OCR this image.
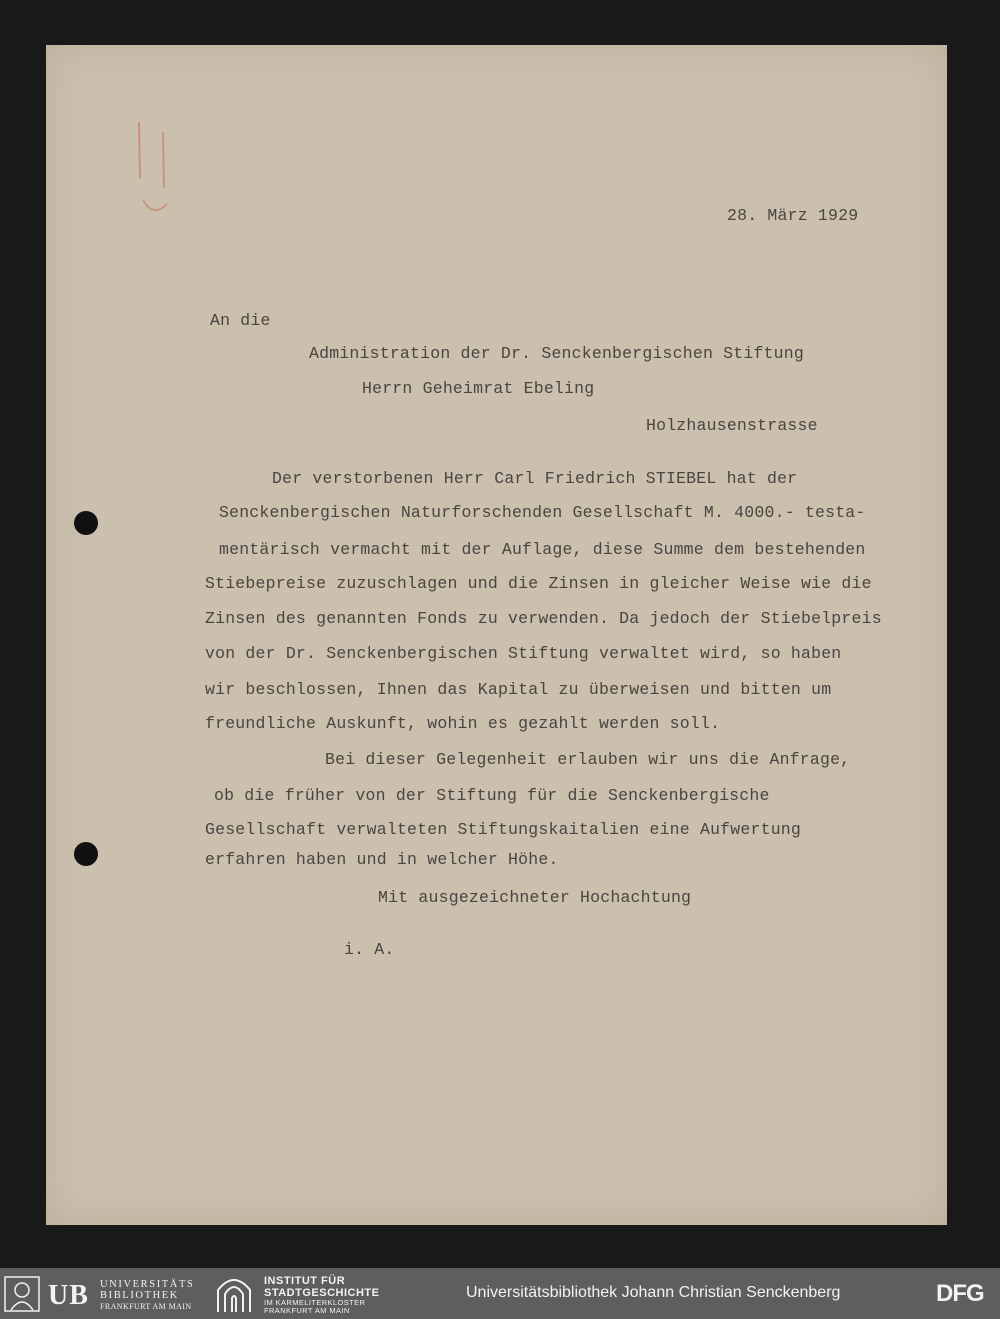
28. März 1929
An die
Administration der Dr. Senckenbergischen Stiftung
Herrn Geheimrat Ebeling
Holzhausenstrasse
Der verstorbenen Herr Carl Friedrich STIEBEL hat der
Senckenbergischen Naturforschenden Gesellschaft M. 4000.- testa-
mentärisch vermacht mit der Auflage, diese Summe dem bestehenden
Stiebepreise zuzuschlagen und die Zinsen in gleicher Weise wie die
Zinsen des genannten Fonds zu verwenden. Da jedoch der Stiebelpreis
von der Dr. Senckenbergischen Stiftung verwaltet wird, so haben
wir beschlossen, Ihnen das Kapital zu überweisen und bitten um
freundliche Auskunft, wohin es gezahlt werden soll.
Bei dieser Gelegenheit erlauben wir uns die Anfrage,
ob die früher von der Stiftung für die Senckenbergische
Gesellschaft verwalteten Stiftungskaitalien eine Aufwertung
erfahren haben und in welcher Höhe.
Mit ausgezeichneter Hochachtung
i. A.
UB UNIVERSITÄTS
BIBLIOTHEK
FRANKFURT AM MAIN
INSTITUT FÜR
STADTGESCHICHTE
IM KARMELITERKLOSTER
FRANKFURT AM MAIN
Universitätsbibliothek Johann Christian Senckenberg	DFG
